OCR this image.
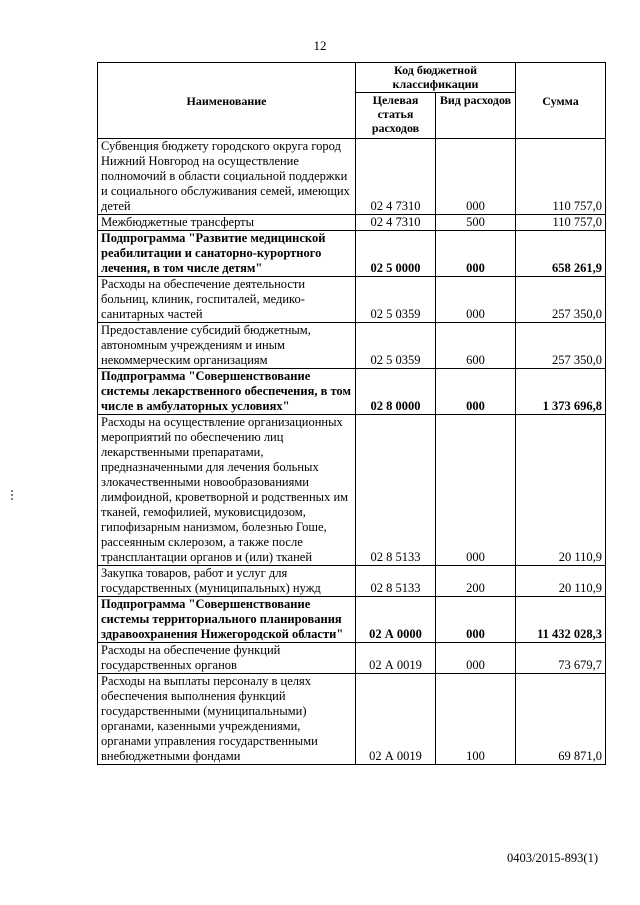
12
Наименование	Код бюджетной классификации		Сумма
	Целевая статья расходов	Вид расходов	
Субвенция бюджету городского округа город Нижний Новгород на осуществление полномочий в области социальной поддержки и социального обслуживания семей, имеющих детей	02 4 7310	000	110 757,0
Межбюджетные трансферты	02 4 7310	500	110 757,0
Подпрограмма "Развитие медицинской реабилитации и санаторно-курортного лечения, в том числе детям"	02 5 0000	000	658 261,9
Расходы на обеспечение деятельности больниц, клиник, госпиталей, медико-санитарных частей	02 5 0359	000	257 350,0
Предоставление субсидий бюджетным, автономным учреждениям и иным некоммерческим организациям	02 5 0359	600	257 350,0
Подпрограмма "Совершенствование системы лекарственного обеспечения, в том числе в амбулаторных условиях"	02 8 0000	000	1 373 696,8
Расходы на осуществление организационных мероприятий по обеспечению лиц лекарственными препаратами, предназначенными для лечения больных злокачественными новообразованиями лимфоидной, кроветворной и родственных им тканей, гемофилией, муковисцидозом, гипофизарным нанизмом, болезнью Гоше, рассеянным склерозом, а также после трансплантации органов и (или) тканей	02 8 5133	000	20 110,9
Закупка товаров, работ и услуг для государственных (муниципальных) нужд	02 8 5133	200	20 110,9
Подпрограмма "Совершенствование системы территориального планирования здравоохранения Нижегородской области"	02 А 0000	000	11 432 028,3
Расходы на обеспечение функций государственных органов	02 А 0019	000	73 679,7
Расходы на выплаты персоналу в целях обеспечения выполнения функций государственными (муниципальными) органами, казенными учреждениями, органами управления государственными внебюджетными фондами	02 А 0019	100	69 871,0
0403/2015-893(1)
